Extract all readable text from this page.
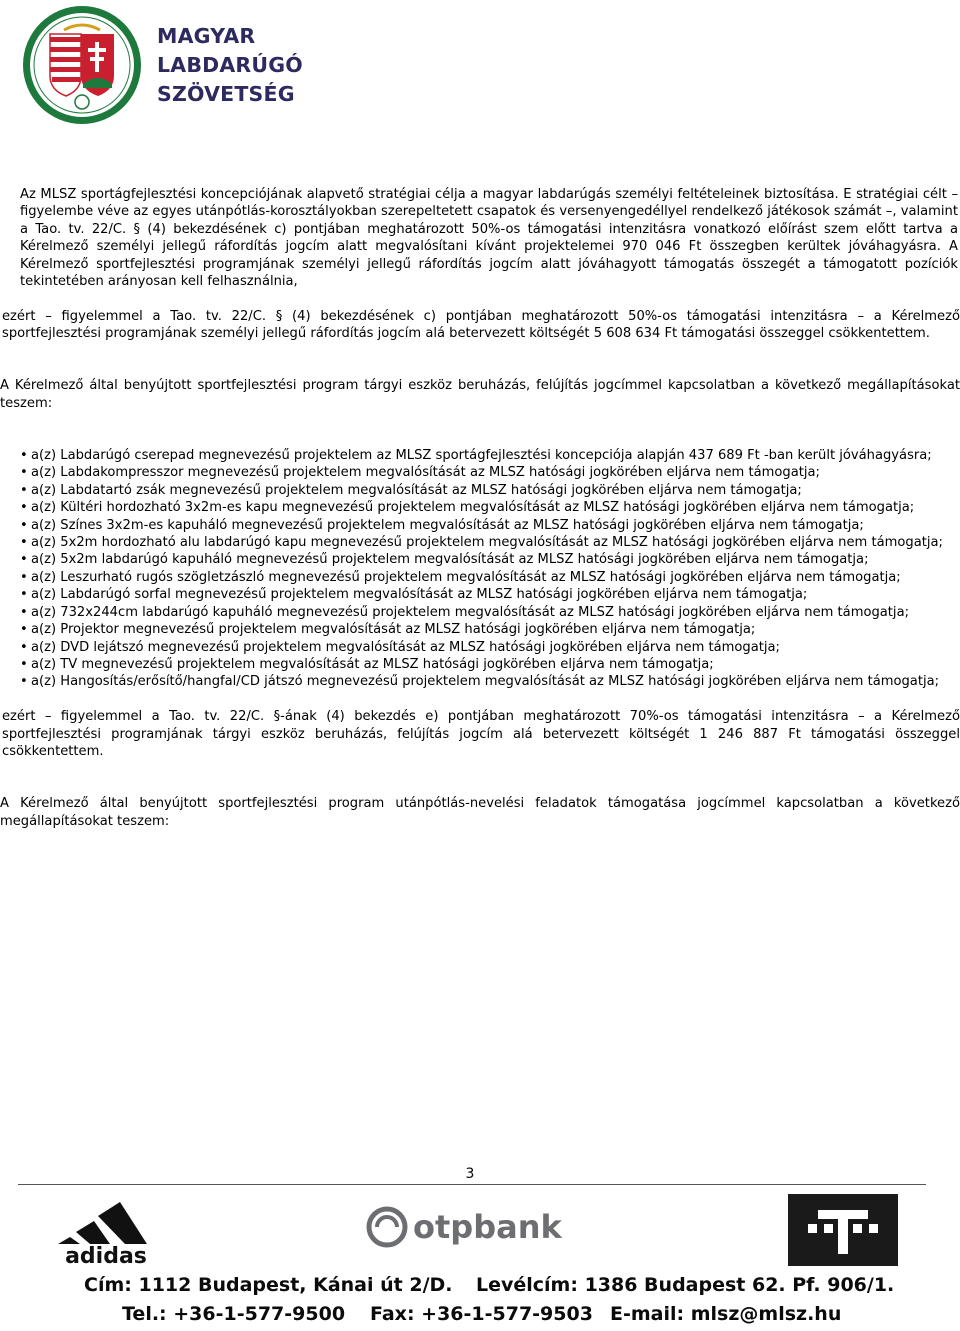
MAGYAR
LABDARÚGÓ
SZÖVETSÉG

Az MLSZ sportágfejlesztési koncepciójának alapvető stratégiai célja a magyar labdarúgás személyi feltételeinek biztosítása. E stratégiai célt – figyelembe véve az egyes utánpótlás-korosztályokban szerepeltetett csapatok és versenyengedéllyel rendelkező játékosok számát –, valamint a Tao. tv. 22/C. § (4) bekezdésének c) pontjában meghatározott 50%-os támogatási intenzitásra vonatkozó előírást szem előtt tartva a Kérelmező személyi jellegű ráfordítás jogcím alatt megvalósítani kívánt projektelemei 970 046 Ft összegben kerültek jóváhagyásra. A Kérelmező sportfejlesztési programjának személyi jellegű ráfordítás jogcím alatt jóváhagyott támogatás összegét a támogatott pozíciók tekintetében arányosan kell felhasználnia,

ezért – figyelemmel a Tao. tv. 22/C. § (4) bekezdésének c) pontjában meghatározott 50%-os támogatási intenzitásra – a Kérelmező sportfejlesztési programjának személyi jellegű ráfordítás jogcím alá betervezett költségét 5 608 634 Ft támogatási összeggel csökkentettem.

A Kérelmező által benyújtott sportfejlesztési program tárgyi eszköz beruházás, felújítás jogcímmel kapcsolatban a következő megállapításokat teszem:

• a(z) Labdarúgó cserepad megnevezésű projektelem az MLSZ sportágfejlesztési koncepciója alapján 437 689 Ft -ban került jóváhagyásra;
• a(z) Labdakompresszor megnevezésű projektelem megvalósítását az MLSZ hatósági jogkörében eljárva nem támogatja;
• a(z) Labdatartó zsák megnevezésű projektelem megvalósítását az MLSZ hatósági jogkörében eljárva nem támogatja;
• a(z) Kültéri hordozható 3x2m-es kapu megnevezésű projektelem megvalósítását az MLSZ hatósági jogkörében eljárva nem támogatja;
• a(z) Színes 3x2m-es kapuháló megnevezésű projektelem megvalósítását az MLSZ hatósági jogkörében eljárva nem támogatja;
• a(z) 5x2m hordozható alu labdarúgó kapu megnevezésű projektelem megvalósítását az MLSZ hatósági jogkörében eljárva nem támogatja;
• a(z) 5x2m labdarúgó kapuháló megnevezésű projektelem megvalósítását az MLSZ hatósági jogkörében eljárva nem támogatja;
• a(z) Leszurható rugós szögletzászló megnevezésű projektelem megvalósítását az MLSZ hatósági jogkörében eljárva nem támogatja;
• a(z) Labdarúgó sorfal megnevezésű projektelem megvalósítását az MLSZ hatósági jogkörében eljárva nem támogatja;
• a(z) 732x244cm labdarúgó kapuháló megnevezésű projektelem megvalósítását az MLSZ hatósági jogkörében eljárva nem támogatja;
• a(z) Projektor megnevezésű projektelem megvalósítását az MLSZ hatósági jogkörében eljárva nem támogatja;
• a(z) DVD lejátszó megnevezésű projektelem megvalósítását az MLSZ hatósági jogkörében eljárva nem támogatja;
• a(z) TV megnevezésű projektelem megvalósítását az MLSZ hatósági jogkörében eljárva nem támogatja;
• a(z) Hangosítás/erősítő/hangfal/CD játszó megnevezésű projektelem megvalósítását az MLSZ hatósági jogkörében eljárva nem támogatja;

ezért – figyelemmel a Tao. tv. 22/C. §-ának (4) bekezdés e) pontjában meghatározott 70%-os támogatási intenzitásra – a Kérelmező sportfejlesztési programjának tárgyi eszköz beruházás, felújítás jogcím alá betervezett költségét 1 246 887 Ft támogatási összeggel csökkentettem.

A Kérelmező által benyújtott sportfejlesztési program utánpótlás-nevelési feladatok támogatása jogcímmel kapcsolatban a következő megállapításokat teszem:

3
adidas
otpbank
Cím: 1112 Budapest, Kánai út 2/D. Levélcím: 1386 Budapest 62. Pf. 906/1.
Tel.: +36-1-577-9500 Fax: +36-1-577-9503 E-mail: mlsz@mlsz.hu
